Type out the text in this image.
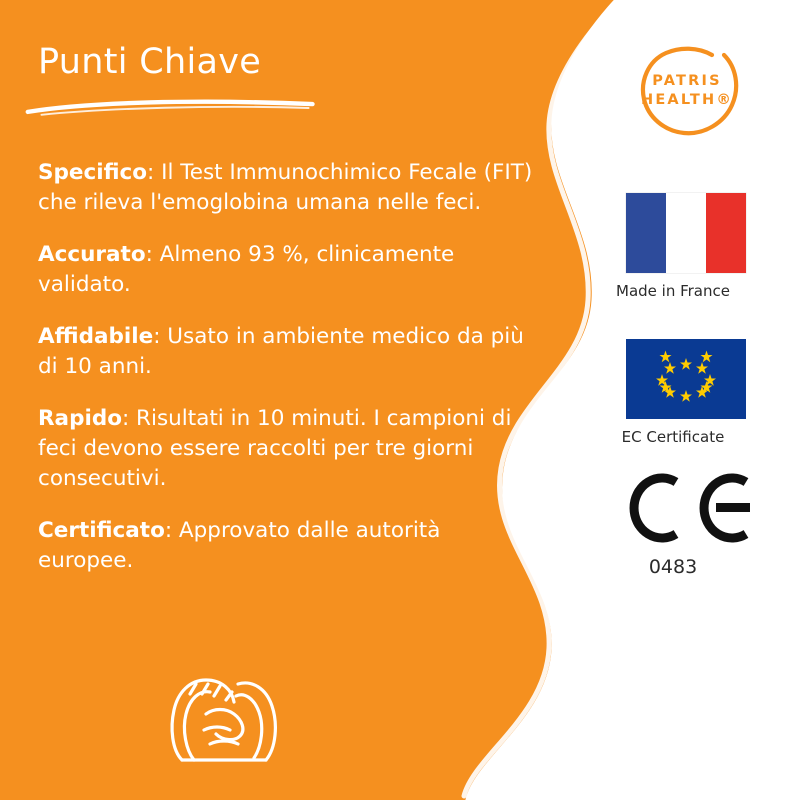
Punti Chiave
Specifico: Il Test Immunochimico Fecale (FIT) che rileva l'emoglobina umana nelle feci.
Accurato: Almeno 93 %, clinicamente validato.
Affidabile: Usato in ambiente medico da più di 10 anni.
Rapido: Risultati in 10 minuti. I campioni di feci devono essere raccolti per tre giorni consecutivi.
Certificato: Approvato dalle autorità europee.
PATRIS
HEALTH®
Made in France
EC Certificate
0483
